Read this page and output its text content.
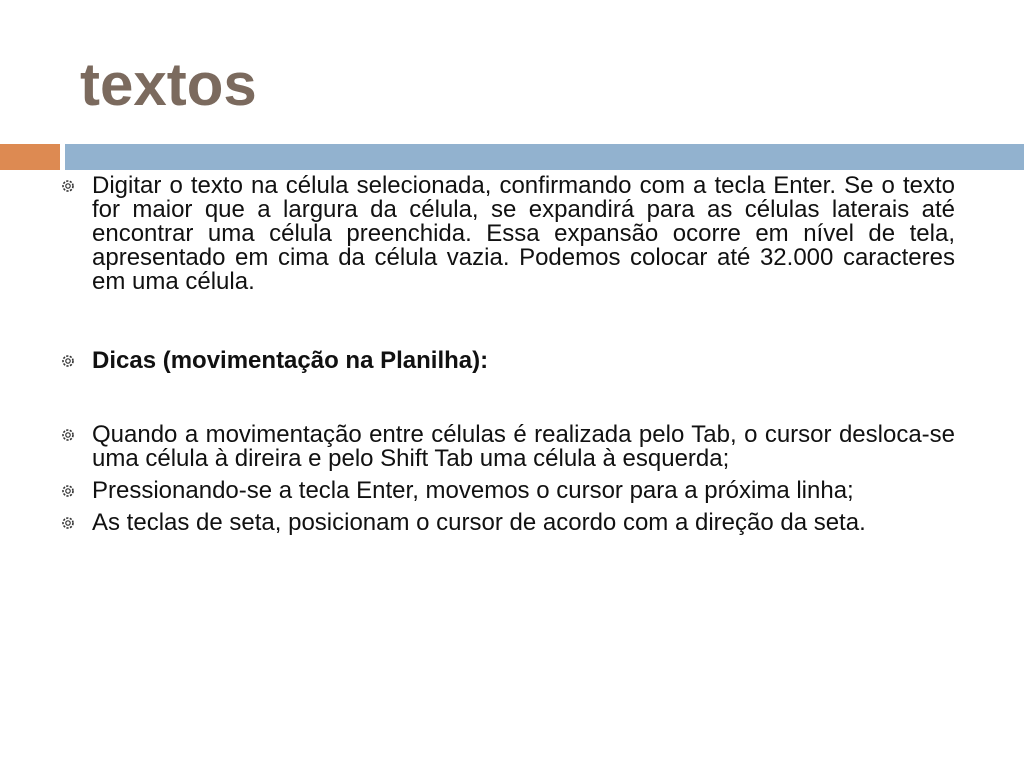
textos
Digitar o texto na célula selecionada, confirmando com a tecla Enter. Se o texto for maior que a largura da célula, se expandirá para as células laterais até encontrar uma célula preenchida. Essa expansão ocorre em nível de tela, apresentado em cima da célula vazia. Podemos colocar até 32.000 caracteres em uma célula.
Dicas (movimentação na Planilha):
Quando a movimentação entre células é realizada pelo Tab, o cursor desloca-se uma célula à direira e pelo Shift Tab uma célula à esquerda;
Pressionando-se a tecla Enter, movemos o cursor para a próxima linha;
As teclas de seta, posicionam o cursor de acordo com a direção da seta.
